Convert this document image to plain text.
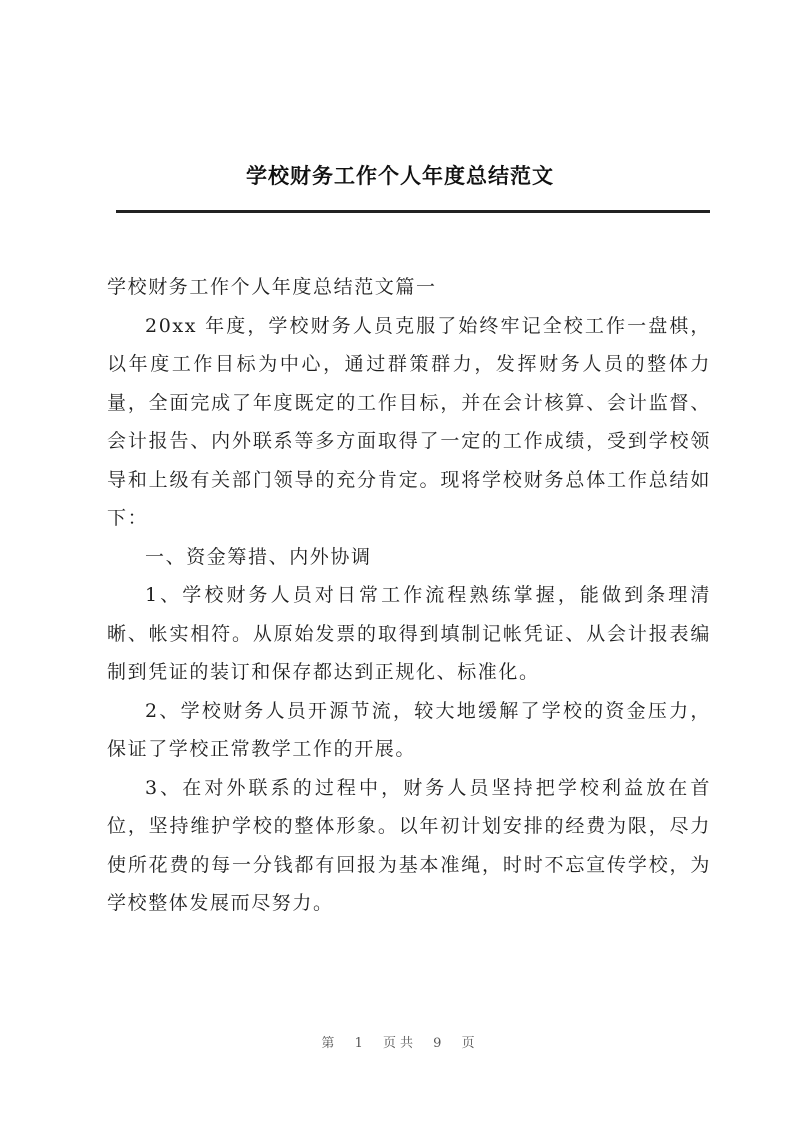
学校财务工作个人年度总结范文

学校财务工作个人年度总结范文篇一

20xx 年度，学校财务人员克服了始终牢记全校工作一盘棋，以年度工作目标为中心，通过群策群力，发挥财务人员的整体力量，全面完成了年度既定的工作目标，并在会计核算、会计监督、会计报告、内外联系等多方面取得了一定的工作成绩，受到学校领导和上级有关部门领导的充分肯定。现将学校财务总体工作总结如下：

一、资金筹措、内外协调

1、学校财务人员对日常工作流程熟练掌握，能做到条理清晰、帐实相符。从原始发票的取得到填制记帐凭证、从会计报表编制到凭证的装订和保存都达到正规化、标准化。

2、学校财务人员开源节流，较大地缓解了学校的资金压力，保证了学校正常教学工作的开展。

3、在对外联系的过程中，财务人员坚持把学校利益放在首位，坚持维护学校的整体形象。以年初计划安排的经费为限，尽力使所花费的每一分钱都有回报为基本准绳，时时不忘宣传学校，为学校整体发展而尽努力。

第 1 页共 9 页
